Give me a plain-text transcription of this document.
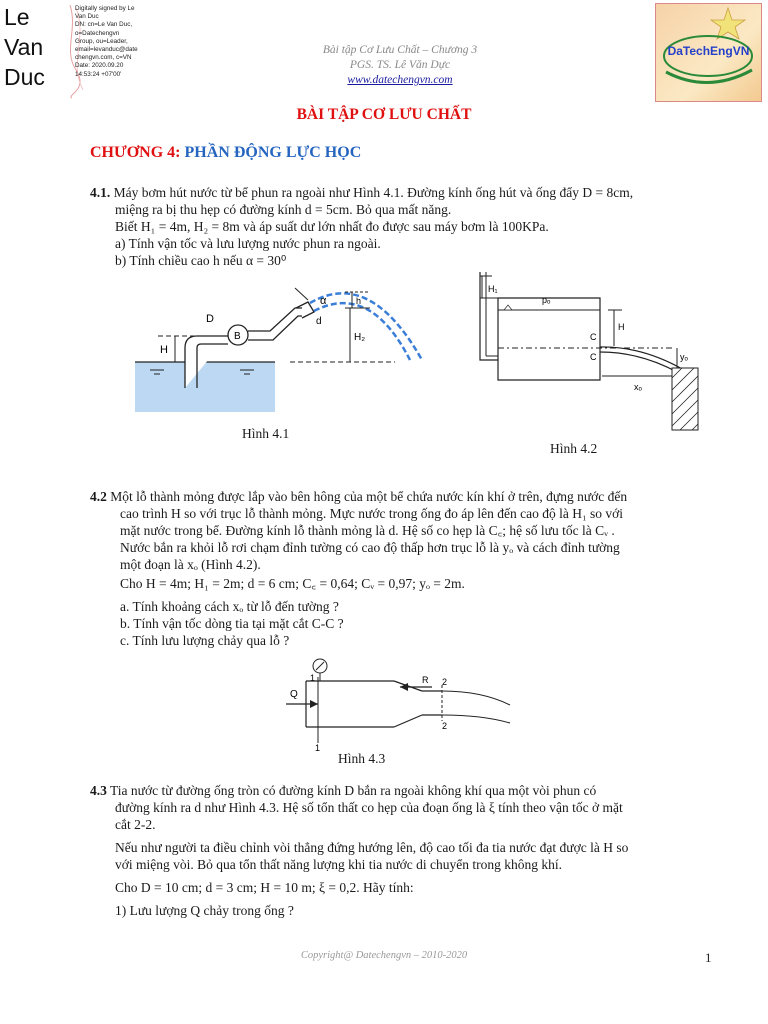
Le
Van
Duc
Digitally signed by Le
Van Duc
DN: cn=Le Van Duc,
o=Datechengvn
Group, ou=Leader,
email=levanduc@date
chengvn.com, c=VN
Date: 2020.09.20
14:53:24 +07'00'
Bài tập Cơ Lưu Chất – Chương 3
PGS. TS. Lê Văn Dực
www.datechengvn.com
DaTechEngVN
BÀI TẬP CƠ LƯU CHẤT
CHƯƠNG 4: PHẦN ĐỘNG LỰC HỌC
4.1. Máy bơm hút nước từ bể phun ra ngoài như Hình 4.1. Đường kính ống hút và ống đẩy D = 8cm,
miệng ra bị thu hẹp có đường kính d = 5cm. Bỏ qua mất năng.
Biết H₁ = 4m, H₂ = 8m và áp suất dư lớn nhất đo được sau máy bơm là 100KPa.
a) Tính vận tốc và lưu lượng nước phun ra ngoài.
b) Tính chiều cao h nếu α = 30⁰
D
B
H
α	h
d
H₂
Hình 4.1
H₁
pₒ
H
C
C	yₒ
xₒ
Hình 4.2
4.2 Một lỗ thành mỏng được lắp vào bên hông của một bể chứa nước kín khí ở trên, đựng nước đến
cao trình H so với trục lỗ thành mỏng. Mực nước trong ống đo áp lên đến cao độ là H₁ so với
mặt nước trong bể. Đường kính lỗ thành mỏng là d. Hệ số co hẹp là C꜀; hệ số lưu tốc là Cᵥ .
Nước bắn ra khỏi lỗ rơi chạm đỉnh tường có cao độ thấp hơn trục lỗ là yₒ và cách đỉnh tường
một đoạn là xₒ (Hình 4.2).
Cho H = 4m; H₁ = 2m; d = 6 cm; C꜀ = 0,64; Cᵥ = 0,97; yₒ = 2m.
a. Tính khoảng cách xₒ từ lỗ đến tường ?
b. Tính vận tốc dòng tia tại mặt cắt C-C ?
c. Tính lưu lượng chảy qua lỗ ?
1
Q
R 2
2
1
Hình 4.3
4.3 Tia nước từ đường ống tròn có đường kính D bắn ra ngoài không khí qua một vòi phun có
đường kính ra d như Hình 4.3. Hệ số tổn thất co hẹp của đoạn ống là ξ tính theo vận tốc ở mặt
cắt 2-2.
Nếu như người ta điều chỉnh vòi thẳng đứng hướng lên, độ cao tối đa tia nước đạt được là H so
với miệng vòi. Bỏ qua tổn thất năng lượng khi tia nước di chuyển trong không khí.
Cho D = 10 cm; d = 3 cm; H = 10 m; ξ = 0,2. Hãy tính:
1) Lưu lượng Q chảy trong ống ?
Copyright@ Datechengvn – 2010-2020	1
